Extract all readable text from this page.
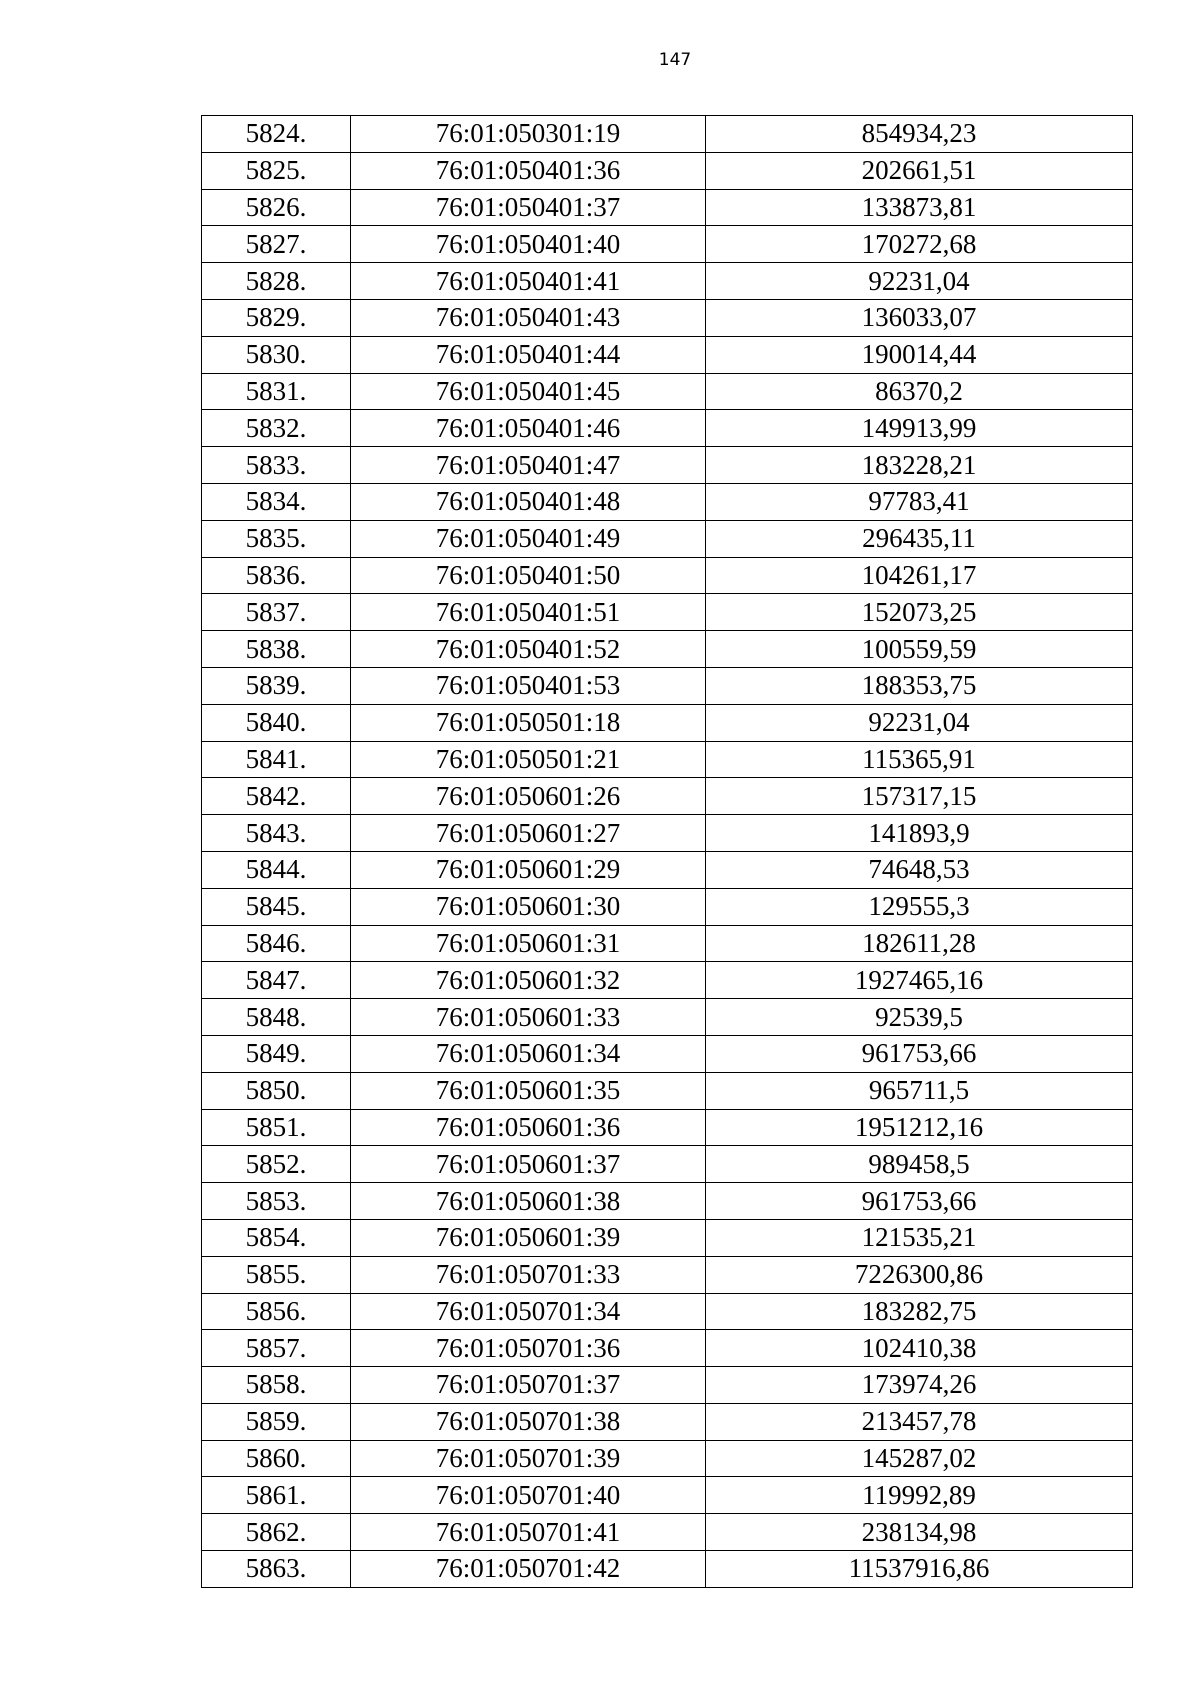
147
5824.	76:01:050301:19	854934,23
5825.	76:01:050401:36	202661,51
5826.	76:01:050401:37	133873,81
5827.	76:01:050401:40	170272,68
5828.	76:01:050401:41	92231,04
5829.	76:01:050401:43	136033,07
5830.	76:01:050401:44	190014,44
5831.	76:01:050401:45	86370,2
5832.	76:01:050401:46	149913,99
5833.	76:01:050401:47	183228,21
5834.	76:01:050401:48	97783,41
5835.	76:01:050401:49	296435,11
5836.	76:01:050401:50	104261,17
5837.	76:01:050401:51	152073,25
5838.	76:01:050401:52	100559,59
5839.	76:01:050401:53	188353,75
5840.	76:01:050501:18	92231,04
5841.	76:01:050501:21	115365,91
5842.	76:01:050601:26	157317,15
5843.	76:01:050601:27	141893,9
5844.	76:01:050601:29	74648,53
5845.	76:01:050601:30	129555,3
5846.	76:01:050601:31	182611,28
5847.	76:01:050601:32	1927465,16
5848.	76:01:050601:33	92539,5
5849.	76:01:050601:34	961753,66
5850.	76:01:050601:35	965711,5
5851.	76:01:050601:36	1951212,16
5852.	76:01:050601:37	989458,5
5853.	76:01:050601:38	961753,66
5854.	76:01:050601:39	121535,21
5855.	76:01:050701:33	7226300,86
5856.	76:01:050701:34	183282,75
5857.	76:01:050701:36	102410,38
5858.	76:01:050701:37	173974,26
5859.	76:01:050701:38	213457,78
5860.	76:01:050701:39	145287,02
5861.	76:01:050701:40	119992,89
5862.	76:01:050701:41	238134,98
5863.	76:01:050701:42	11537916,86
